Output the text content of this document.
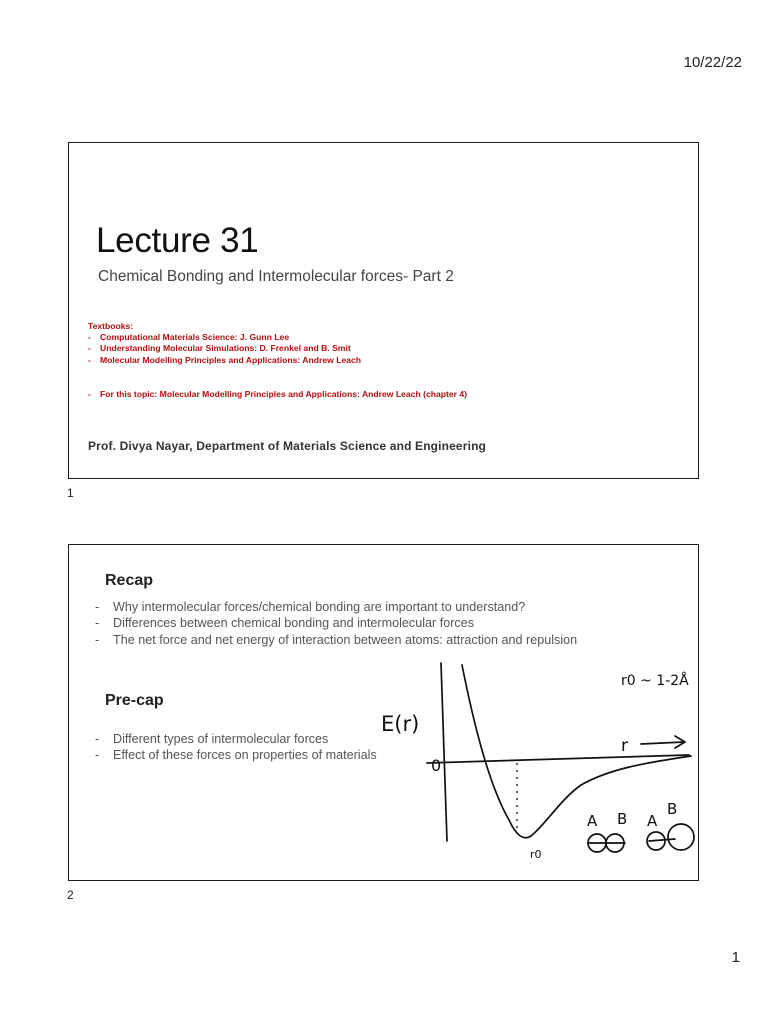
10/22/22
Lecture 31
Chemical Bonding and Intermolecular forces- Part 2
Textbooks:
- Computational Materials Science: J. Gunn Lee
- Understanding Molecular Simulations: D. Frenkel and B. Smit
- Molecular Modelling Principles and Applications: Andrew Leach
- For this topic: Molecular Modelling Principles and Applications: Andrew Leach (chapter 4)
Prof. Divya Nayar, Department of Materials Science and Engineering
1
Recap
- Why intermolecular forces/chemical bonding are important to understand?
- Differences between chemical bonding and intermolecular forces
- The net force and net energy of interaction between atoms: attraction and repulsion
Pre-cap
- Different types of intermolecular forces
- Effect of these forces on properties of materials
E(r)
0
r
r0
r0 ~ 1-2Å
A B A
B
2
1
